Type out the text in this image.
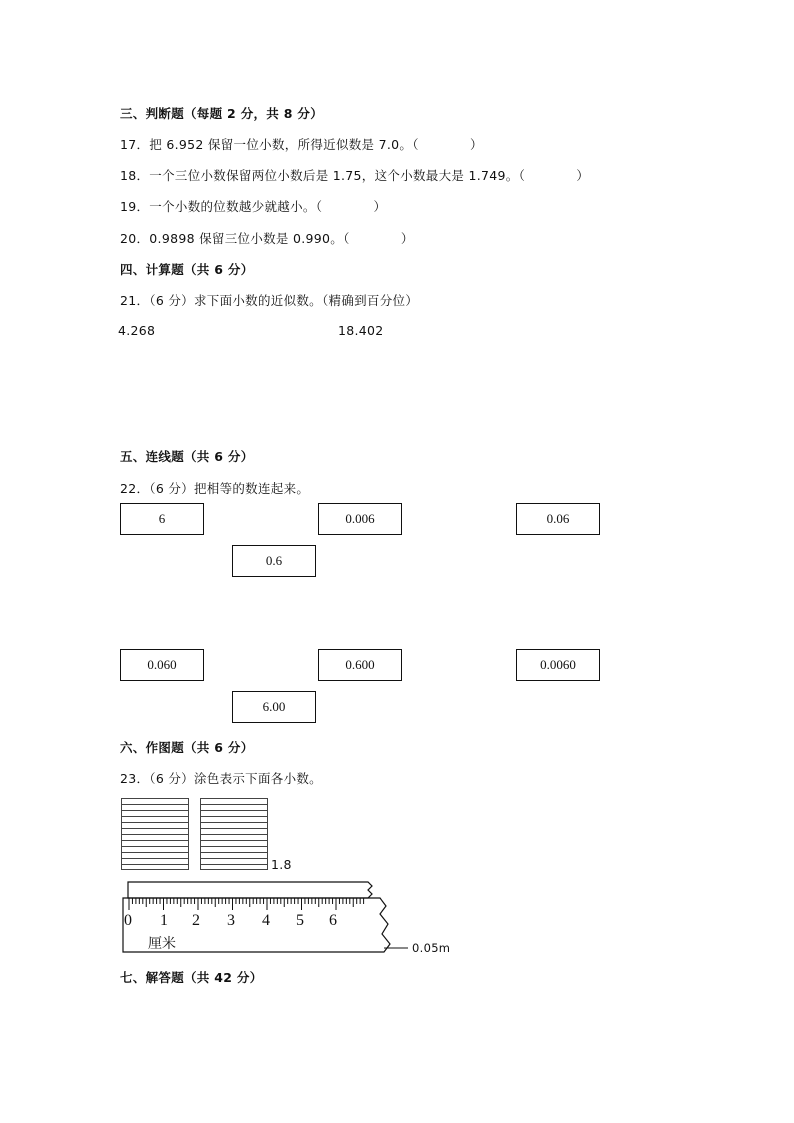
三、判断题（每题 2 分，共 8 分）
17．把 6.952 保留一位小数，所得近似数是 7.0。（　　　　）
18．一个三位小数保留两位小数后是 1.75，这个小数最大是 1.749。（　　　　）
19．一个小数的位数越少就越小。（　　　　）
20．0.9898 保留三位小数是 0.990。（　　　　）
四、计算题（共 6 分）
21．（6 分）求下面小数的近似数。（精确到百分位）
4.268	18.402
五、连线题（共 6 分）
22．（6 分）把相等的数连起来。
6	0.006	0.06
0.6
0.060	0.600	0.0060
6.00
六、作图题（共 6 分）
23．（6 分）涂色表示下面各小数。
1.8
0 1 2 3 4 5 6
厘米	0.05m
七、解答题（共 42 分）
